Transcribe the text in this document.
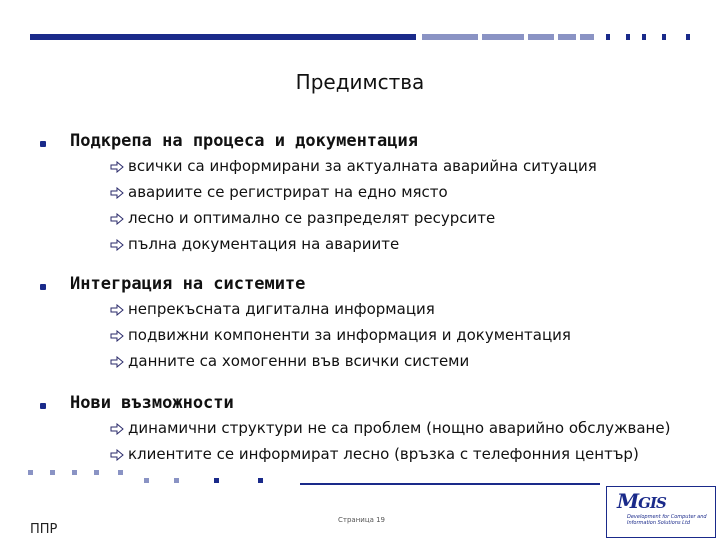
Предимства
Подкрепа на процеса и документация
всички са информирани за актуалната аварийна ситуация
авариите се регистрират на едно място
лесно и оптимално се разпределят ресурсите
пълна документация на авариите
Интеграция на системите
непрекъсната дигитална информация
подвижни компоненти за информация и документация
данните са хомогенни във всички системи
Нови възможности
динамични структури не са проблем (нощно аварийно обслужване)
клиентите се информират лесно (връзка с телефонния център)
ППР
Страница 19
MGIS
Development for Computer and Information Solutions Ltd
